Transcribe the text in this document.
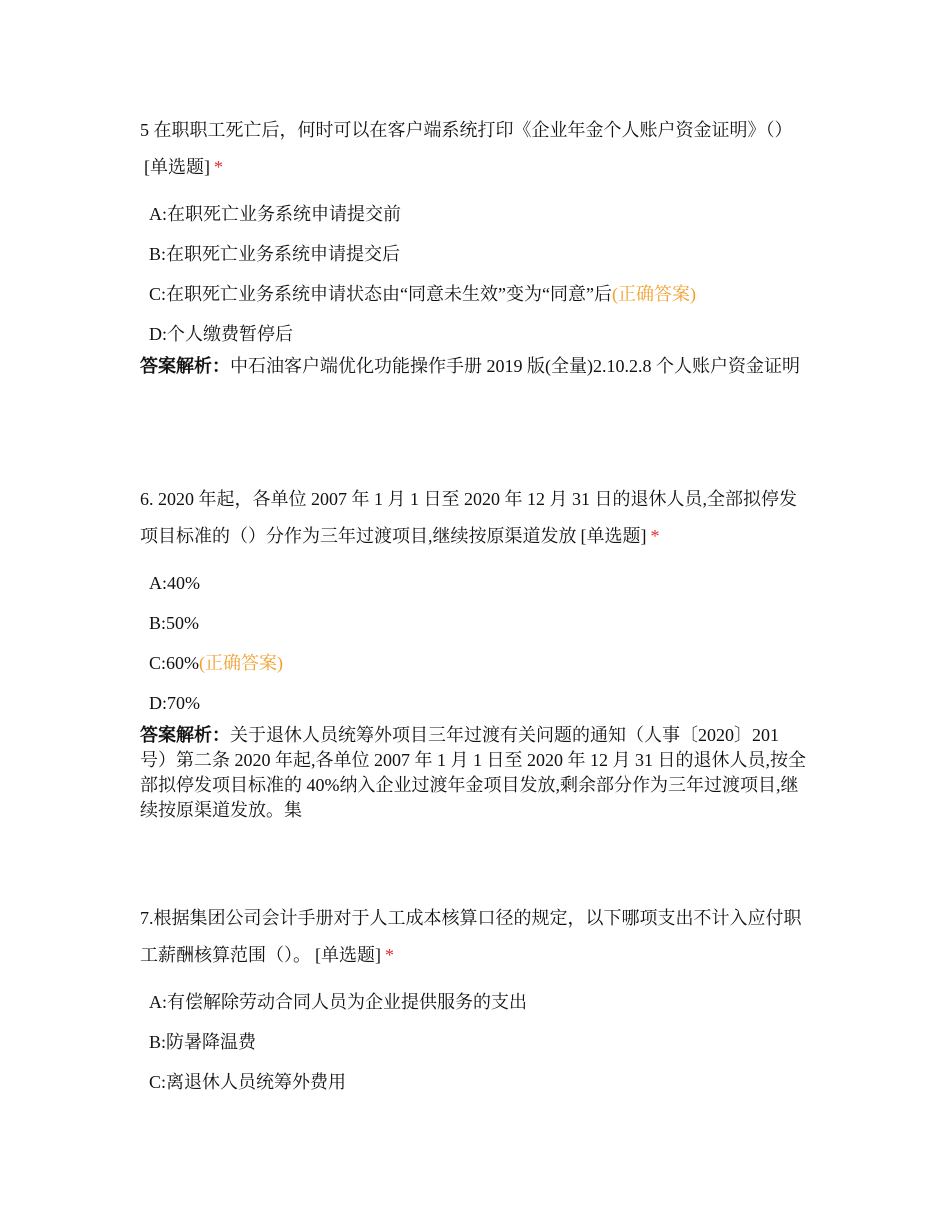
5 在职职工死亡后，何时可以在客户端系统打印《企业年金个人账户资金证明》（）[单选题] *

A:在职死亡业务系统申请提交前
B:在职死亡业务系统申请提交后
C:在职死亡业务系统申请状态由“同意未生效”变为“同意”后(正确答案)
D:个人缴费暂停后
答案解析：中石油客户端优化功能操作手册 2019 版(全量)2.10.2.8 个人账户资金证明

6. 2020 年起，各单位 2007 年 1 月 1 日至 2020 年 12 月 31 日的退休人员,全部拟停发项目标准的（）分作为三年过渡项目,继续按原渠道发放 [单选题] *

A:40%
B:50%
C:60%(正确答案)
D:70%
答案解析：关于退休人员统筹外项目三年过渡有关问题的通知（人事〔2020〕201 号）第二条 2020 年起,各单位 2007 年 1 月 1 日至 2020 年 12 月 31 日的退休人员,按全部拟停发项目标准的 40%纳入企业过渡年金项目发放,剩余部分作为三年过渡项目,继续按原渠道发放。集

7.根据集团公司会计手册对于人工成本核算口径的规定，以下哪项支出不计入应付职工薪酬核算范围（）。 [单选题] *

A:有偿解除劳动合同人员为企业提供服务的支出
B:防暑降温费
C:离退休人员统筹外费用
